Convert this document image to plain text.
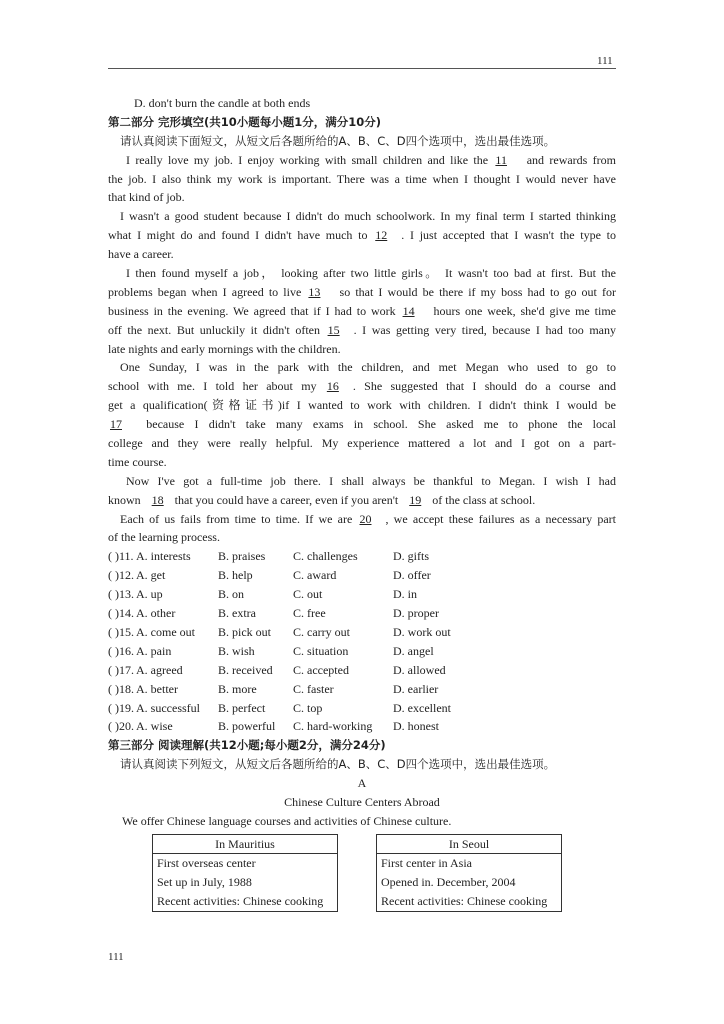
111
D. don't burn the candle at both ends
第二部分 完形填空(共10小题每小题1分，满分10分)
请认真阅读下面短文，从短文后各题所给的A、B、C、D四个选项中，选出最佳选项。
I really love my job. I enjoy working with small children and like the 11 and rewards from
the job. I also think my work is important. There was a time when I thought I would never have
that kind of job.
I wasn't a good student because I didn't do much schoolwork. In my final term I started thinking
what I might do and found I didn't have much to 12 . I just accepted that I wasn't the type to
have a career.
I then found myself a job， looking after two little girls。 It wasn't too bad at first. But the
problems began when I agreed to live 13 so that I would be there if my boss had to go out for
business in the evening. We agreed that if I had to work 14 hours one week, she'd give me time
off the next. But unluckily it didn't often 15 . I was getting very tired, because I had too many
late nights and early mornings with the children.
One Sunday, I was in the park with the children, and met Megan who used to go to
school with me. I told her about my 16 . She suggested that I should do a course and
get a qualification(资格证书)if I wanted to work with children. I didn't think I would be
17 because I didn't take many exams in school. She asked me to phone the local
college and they were really helpful. My experience mattered a lot and I got on a part-
time course.
Now I've got a full-time job there. I shall always be thankful to Megan. I wish I had
known 18 that you could have a career, even if you aren't 19 of the class at school.
Each of us fails from time to time. If we are 20 , we accept these failures as a necessary part
of the learning process.
( )11. A. interests B. praises C. challenges	D. gifts
( )12. A. get	B. help	C. award	D. offer
( )13. A. up	B. on	C. out	D. in
( )14. A. other	B. extra	C. free	D. proper
( )15. A. come out B. pick out C. carry out	D. work out
( )16. A. pain	B. wish	C. situation	D. angel
( )17. A. agreed	B. received C. accepted	D. allowed
( )18. A. better	B. more	C. faster	D. earlier
( )19. A. successful B. perfect C. top	D. excellent
( )20. A. wise	B. powerful C. hard-working D. honest
第三部分 阅读理解(共12小题;每小题2分，满分24分)
请认真阅读下列短文，从短文后各题所给的A、B、C、D四个选项中，选出最佳选项。
A
Chinese Culture Centers Abroad
We offer Chinese language courses and activities of Chinese culture.
In Mauritius
First overseas center
Set up in July, 1988
Recent activities: Chinese cooking
In Seoul
First center in Asia
Opened in. December, 2004
Recent activities: Chinese cooking
111
